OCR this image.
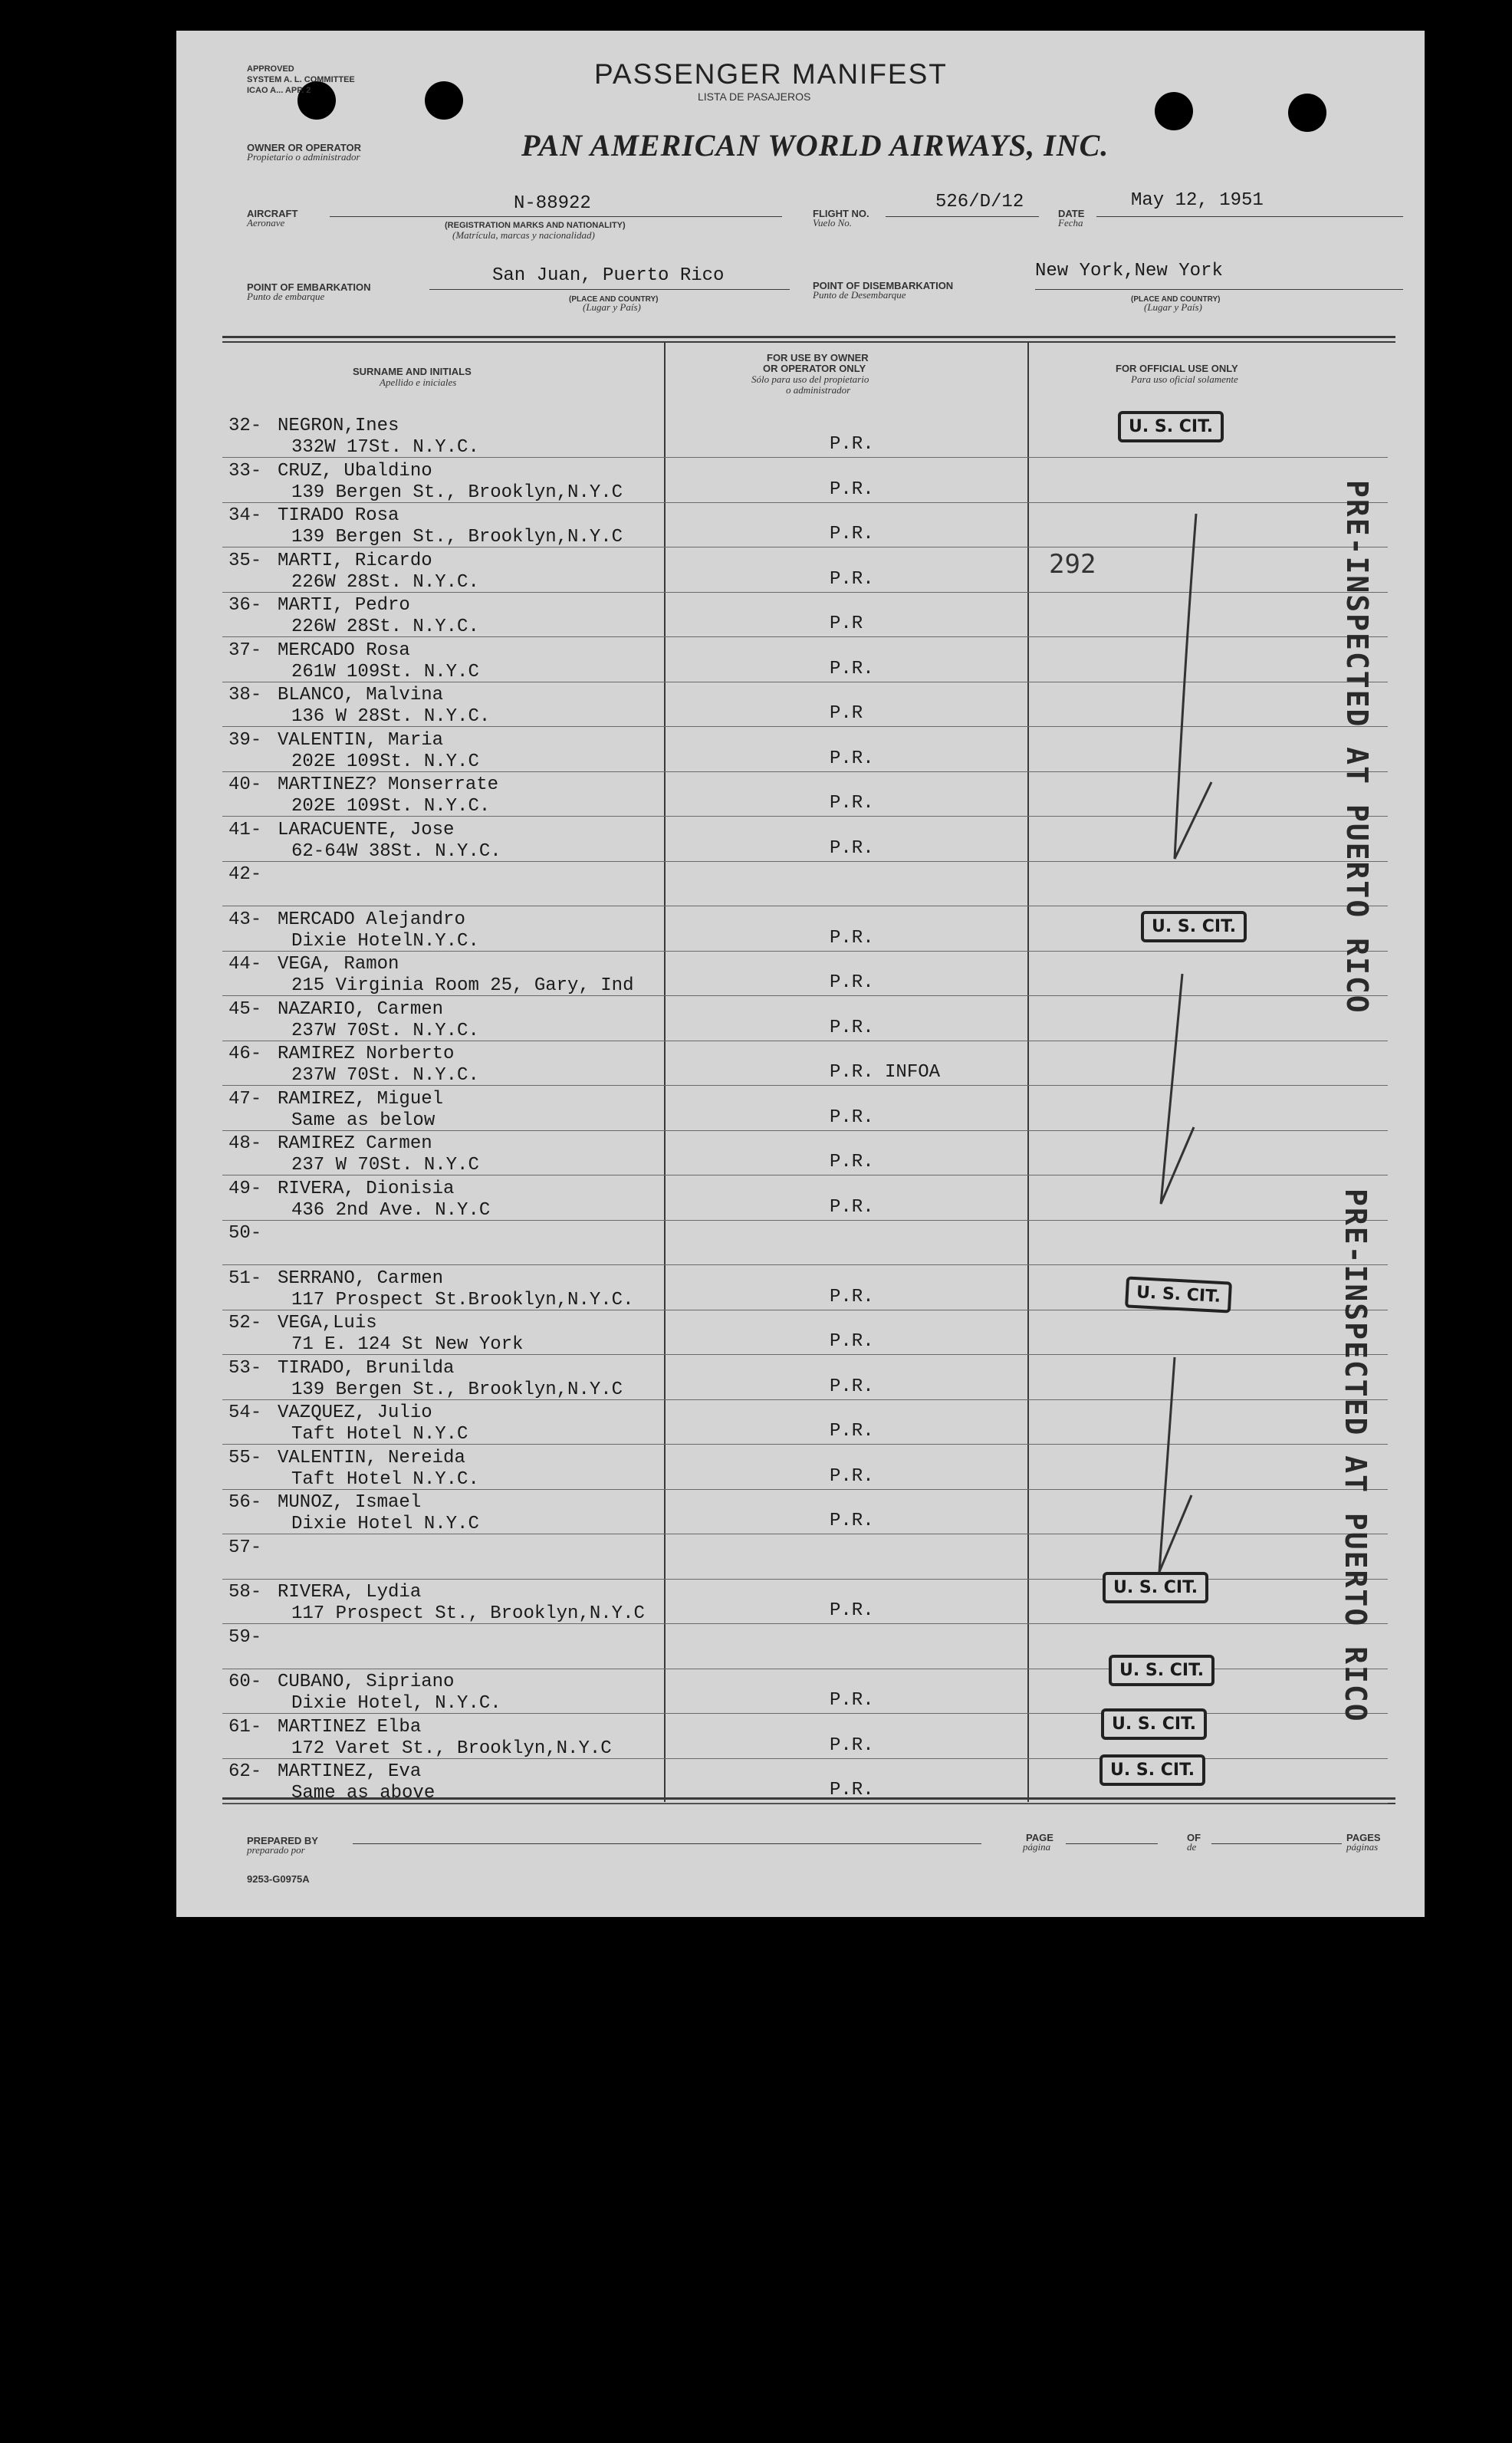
APPROVED
SYSTEM A. L. COMMITTEE
ICAO A... APP. 2
PASSENGER MANIFEST
LISTA DE PASAJEROS
OWNER OR OPERATOR
Propietario o administrador	PAN AMERICAN WORLD AIRWAYS, INC.
AIRCRAFT
Aeronave
N-88922
(REGISTRATION MARKS AND NATIONALITY)
(Matrícula, marcas y nacionalidad)
FLIGHT NO.
Vuelo No.
526/D/12
DATE
Fecha
May 12, 1951
POINT OF EMBARKATION
Punto de embarque
San Juan, Puerto Rico
(PLACE AND COUNTRY)
(Lugar y País)
POINT OF DISEMBARKATION
Punto de Desembarque
New York,New York
(PLACE AND COUNTRY)
(Lugar y País)
SURNAME AND INITIALS
Apellido e iniciales
FOR USE BY OWNER
OR OPERATOR ONLY
Sólo para uso del propietario
o administrador
FOR OFFICIAL USE ONLY
Para uso oficial solamente
32- NEGRON,Ines
332W 17St. N.Y.C.	P.R.
33- CRUZ, Ubaldino
139 Bergen St., Brooklyn,N.Y.C	P.R.
34- TIRADO Rosa
139 Bergen St., Brooklyn,N.Y.C	P.R.
35- MARTI, Ricardo
226W 28St. N.Y.C.	P.R.
36- MARTI, Pedro
226W 28St. N.Y.C.	P.R
37- MERCADO Rosa
261W 109St. N.Y.C	P.R.
38- BLANCO, Malvina
136 W 28St. N.Y.C.	P.R
39- VALENTIN, Maria
202E 109St. N.Y.C	P.R.
40- MARTINEZ? Monserrate
202E 109St. N.Y.C.	P.R.
41- LARACUENTE, Jose
62-64W 38St. N.Y.C.	P.R.
42-
43- MERCADO Alejandro
Dixie HotelN.Y.C.	P.R.
44- VEGA, Ramon
215 Virginia Room 25, Gary, Ind	P.R.
45- NAZARIO, Carmen
237W 70St. N.Y.C.	P.R.
46- RAMIREZ Norberto
237W 70St. N.Y.C.	P.R. INFOA
47- RAMIREZ, Miguel
Same as below	P.R.
48- RAMIREZ Carmen
237 W 70St. N.Y.C	P.R.
49- RIVERA, Dionisia
436 2nd Ave. N.Y.C	P.R.
50-
51- SERRANO, Carmen
117 Prospect St.Brooklyn,N.Y.C.	P.R.
52- VEGA,Luis
71 E. 124 St New York	P.R.
53- TIRADO, Brunilda
139 Bergen St., Brooklyn,N.Y.C	P.R.
54- VAZQUEZ, Julio
Taft Hotel N.Y.C	P.R.
55- VALENTIN, Nereida
Taft Hotel N.Y.C.	P.R.
56- MUNOZ, Ismael
Dixie Hotel N.Y.C	P.R.
57-
58- RIVERA, Lydia
117 Prospect St., Brooklyn,N.Y.C	P.R.
59-
60- CUBANO, Sipriano
Dixie Hotel, N.Y.C.	P.R.
61- MARTINEZ Elba
172 Varet St., Brooklyn,N.Y.C	P.R.
62- MARTINEZ, Eva
Same as above	P.R.
U. S. CIT.
U. S. CIT.
U. S. CIT.
U. S. CIT.
U. S. CIT.
U. S. CIT.
U. S. CIT.
292	PRE-INSPECTED AT PUERTO RICO
PRE-INSPECTED AT PUERTO RICO
PREPARED BY
preparado por
PAGE
página
OF
de
PAGES
páginas
9253-G0975A
